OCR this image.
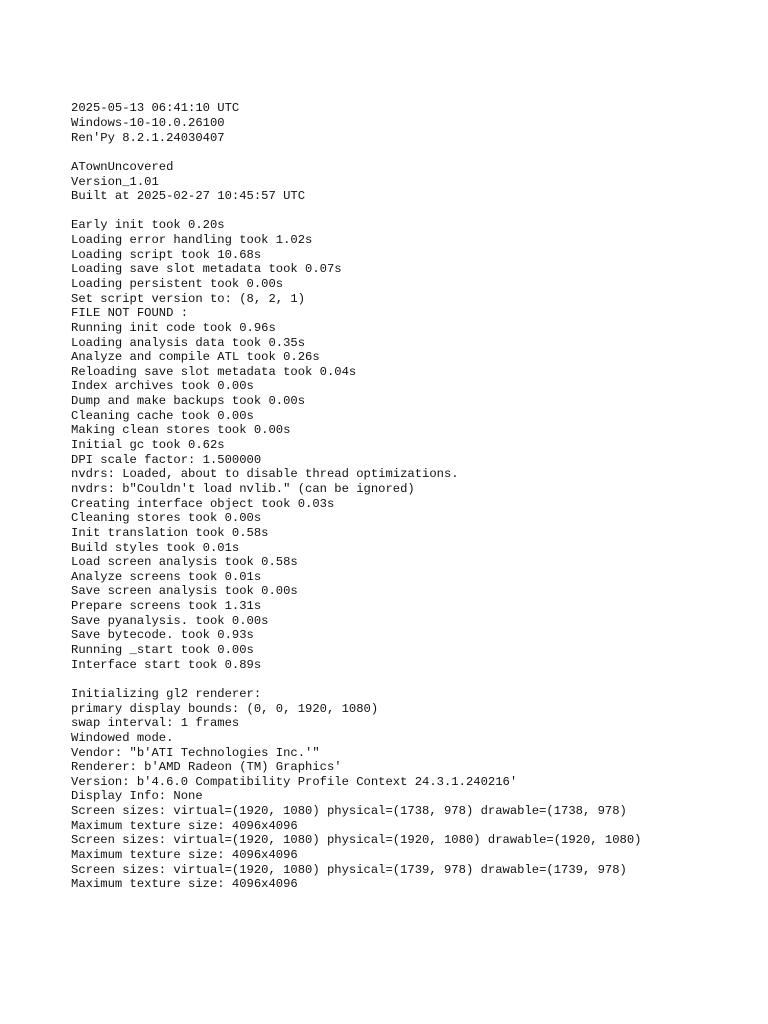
2025-05-13 06:41:10 UTC
Windows-10-10.0.26100
Ren'Py 8.2.1.24030407
ATownUncovered
Version_1.01
Built at 2025-02-27 10:45:57 UTC
Early init took 0.20s
Loading error handling took 1.02s
Loading script took 10.68s
Loading save slot metadata took 0.07s
Loading persistent took 0.00s
Set script version to: (8, 2, 1)
FILE NOT FOUND :
Running init code took 0.96s
Loading analysis data took 0.35s
Analyze and compile ATL took 0.26s
Reloading save slot metadata took 0.04s
Index archives took 0.00s
Dump and make backups took 0.00s
Cleaning cache took 0.00s
Making clean stores took 0.00s
Initial gc took 0.62s
DPI scale factor: 1.500000
nvdrs: Loaded, about to disable thread optimizations.
nvdrs: b"Couldn't load nvlib." (can be ignored)
Creating interface object took 0.03s
Cleaning stores took 0.00s
Init translation took 0.58s
Build styles took 0.01s
Load screen analysis took 0.58s
Analyze screens took 0.01s
Save screen analysis took 0.00s
Prepare screens took 1.31s
Save pyanalysis. took 0.00s
Save bytecode. took 0.93s
Running _start took 0.00s
Interface start took 0.89s
Initializing gl2 renderer:
primary display bounds: (0, 0, 1920, 1080)
swap interval: 1 frames
Windowed mode.
Vendor: "b'ATI Technologies Inc.'"
Renderer: b'AMD Radeon (TM) Graphics'
Version: b'4.6.0 Compatibility Profile Context 24.3.1.240216'
Display Info: None
Screen sizes: virtual=(1920, 1080) physical=(1738, 978) drawable=(1738, 978)
Maximum texture size: 4096x4096
Screen sizes: virtual=(1920, 1080) physical=(1920, 1080) drawable=(1920, 1080)
Maximum texture size: 4096x4096
Screen sizes: virtual=(1920, 1080) physical=(1739, 978) drawable=(1739, 978)
Maximum texture size: 4096x4096
